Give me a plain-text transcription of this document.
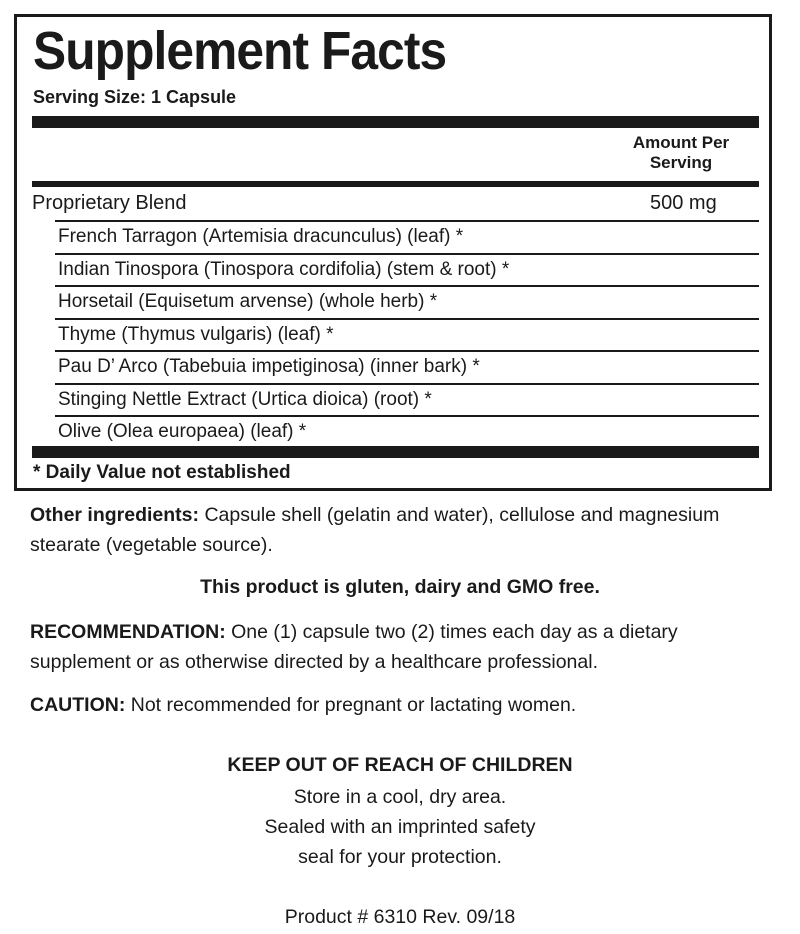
Supplement Facts
Serving Size: 1 Capsule
Amount Per
Serving
Proprietary Blend	500 mg
French Tarragon (Artemisia dracunculus) (leaf) *
Indian Tinospora (Tinospora cordifolia) (stem & root) *
Horsetail (Equisetum arvense) (whole herb) *
Thyme (Thymus vulgaris) (leaf) *
Pau D’ Arco (Tabebuia impetiginosa) (inner bark) *
Stinging Nettle Extract (Urtica dioica) (root) *
Olive (Olea europaea) (leaf) *
* Daily Value not established

Other ingredients: Capsule shell (gelatin and water), cellulose and magnesium stearate (vegetable source).

This product is gluten, dairy and GMO free.

RECOMMENDATION: One (1) capsule two (2) times each day as a dietary supplement or as otherwise directed by a healthcare professional.

CAUTION: Not recommended for pregnant or lactating women.

KEEP OUT OF REACH OF CHILDREN

Store in a cool, dry area.

Sealed with an imprinted safety

seal for your protection.

Product # 6310 Rev. 09/18
